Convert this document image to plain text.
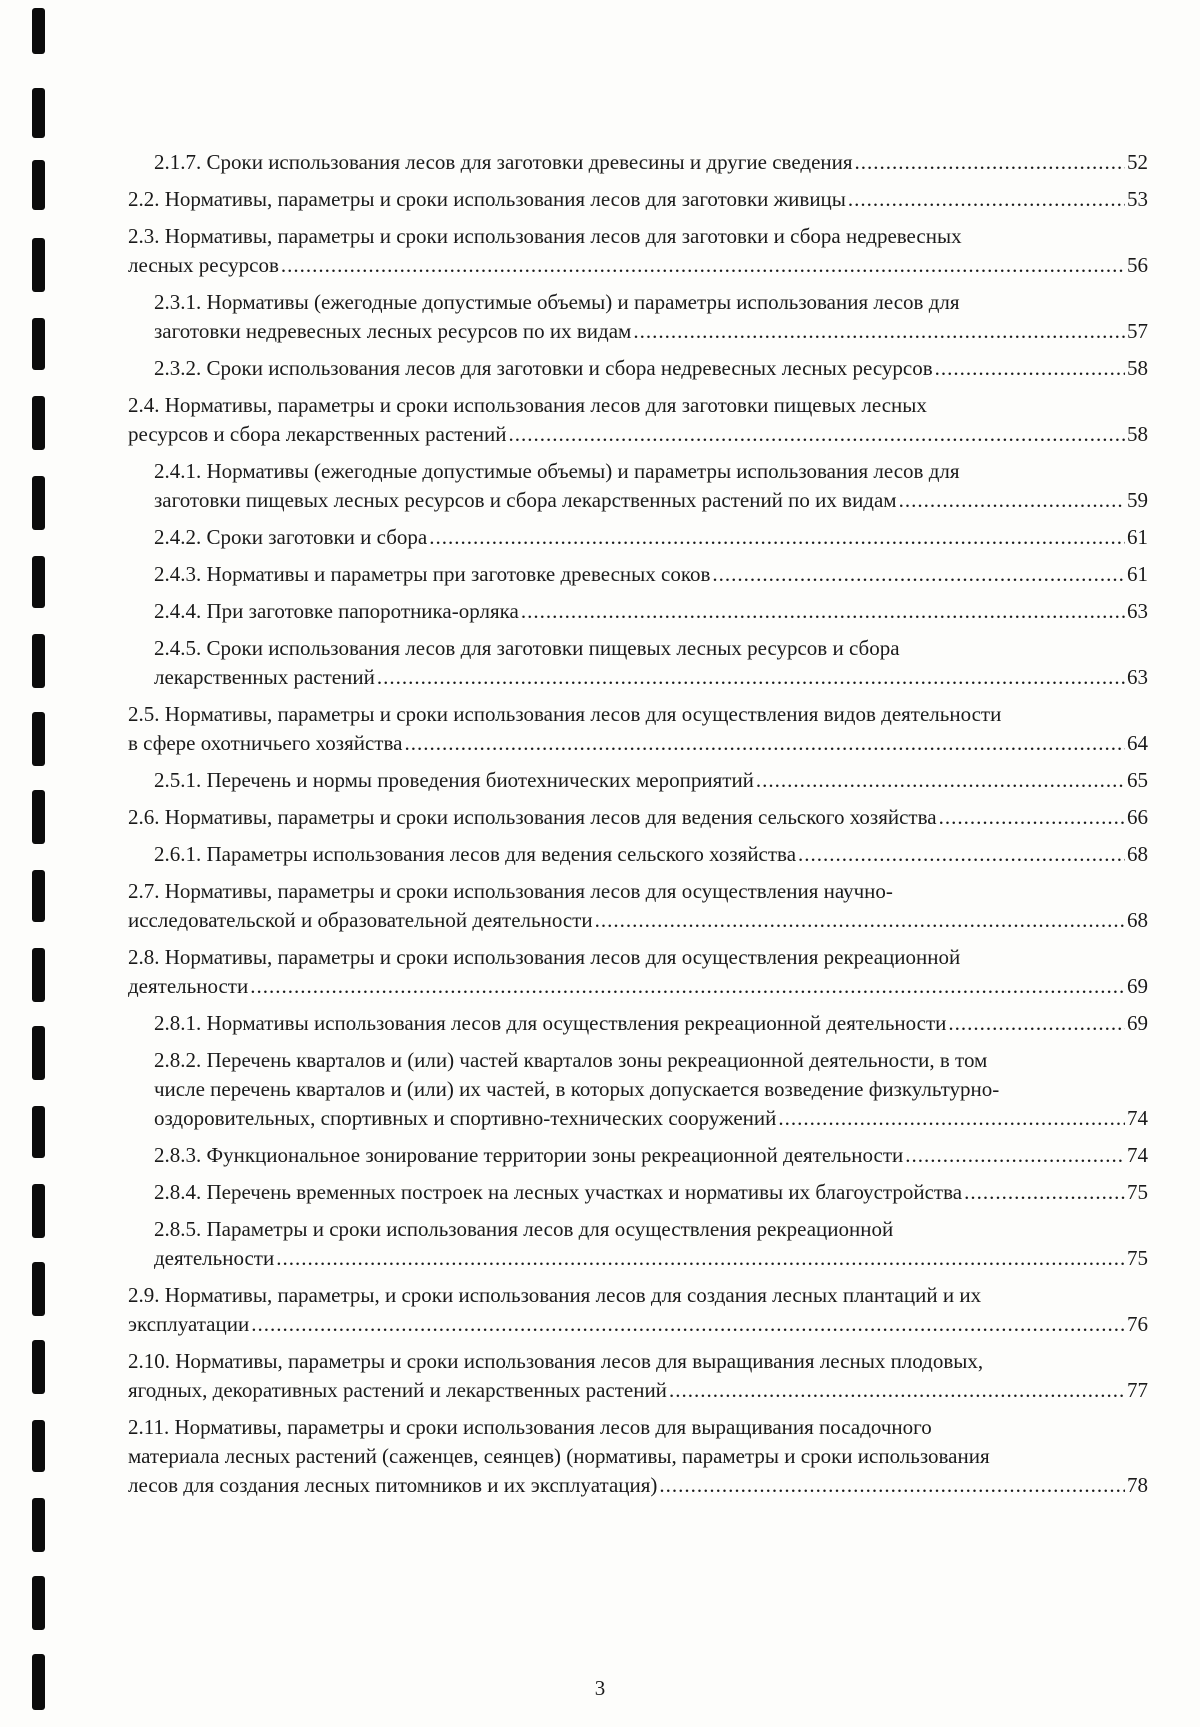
2.1.7. Сроки использования лесов для заготовки древесины и другие сведения .....	52
2.2. Нормативы, параметры и сроки использования лесов для заготовки живицы .....	53
2.3. Нормативы, параметры и сроки использования лесов для заготовки и сбора недревесных
лесных ресурсов .....	56
2.3.1. Нормативы (ежегодные допустимые объемы) и параметры использования лесов для
заготовки недревесных лесных ресурсов по их видам .....	57
2.3.2. Сроки использования лесов для заготовки и сбора недревесных лесных ресурсов .....	58
2.4. Нормативы, параметры и сроки использования лесов для заготовки пищевых лесных
ресурсов и сбора лекарственных растений .....	58
2.4.1. Нормативы (ежегодные допустимые объемы) и параметры использования лесов для
заготовки пищевых лесных ресурсов и сбора лекарственных растений по их видам .....	59
2.4.2. Сроки заготовки и сбора .....	61
2.4.3. Нормативы и параметры при заготовке древесных соков .....	61
2.4.4. При заготовке папоротника-орляка .....	63
2.4.5. Сроки использования лесов для заготовки пищевых лесных ресурсов и сбора
лекарственных растений .....	63
2.5. Нормативы, параметры и сроки использования лесов для осуществления видов деятельности
в сфере охотничьего хозяйства .....	64
2.5.1. Перечень и нормы проведения биотехнических мероприятий .....	65
2.6. Нормативы, параметры и сроки использования лесов для ведения сельского хозяйства .....	66
2.6.1. Параметры использования лесов для ведения сельского хозяйства .....	68
2.7. Нормативы, параметры и сроки использования лесов для осуществления научно-
исследовательской и образовательной деятельности .....	68
2.8. Нормативы, параметры и сроки использования лесов для осуществления рекреационной
деятельности .....	69
2.8.1. Нормативы использования лесов для осуществления рекреационной деятельности .....	69
2.8.2. Перечень кварталов и (или) частей кварталов зоны рекреационной деятельности, в том
числе перечень кварталов и (или) их частей, в которых допускается возведение физкультурно-
оздоровительных, спортивных и спортивно-технических сооружений .....	74
2.8.3. Функциональное зонирование территории зоны рекреационной деятельности .....	74
2.8.4. Перечень временных построек на лесных участках и нормативы их благоустройства .....	75
2.8.5. Параметры и сроки использования лесов для осуществления рекреационной
деятельности .....	75
2.9. Нормативы, параметры, и сроки использования лесов для создания лесных плантаций и их
эксплуатации .....	76
2.10. Нормативы, параметры и сроки использования лесов для выращивания лесных плодовых,
ягодных, декоративных растений и лекарственных растений .....	77
2.11. Нормативы, параметры и сроки использования лесов для выращивания посадочного
материала лесных растений (саженцев, сеянцев) (нормативы, параметры и сроки использования
лесов для создания лесных питомников и их эксплуатация) .....	78
3
